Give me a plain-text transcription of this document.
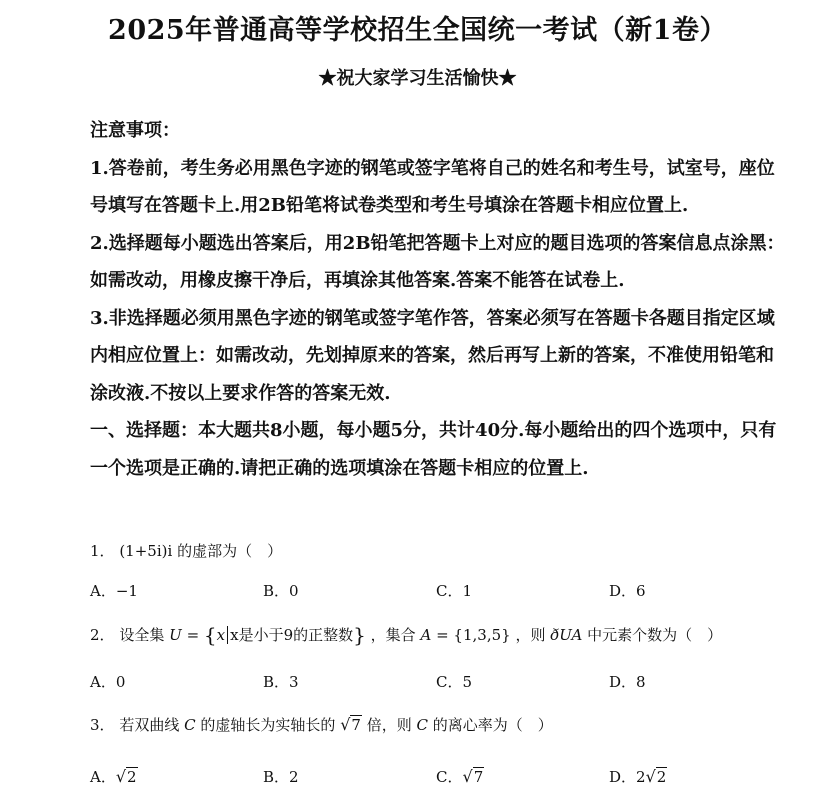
2025年普通高等学校招生全国统一考试（新1卷）
★祝大家学习生活愉快★

注意事项：

1.答卷前，考生务必用黑色字迹的钢笔或签字笔将自己的姓名和考生号，试室号，座位号填写在答题卡上.用2B铅笔将试卷类型和考生号填涂在答题卡相应位置上.

2.选择题每小题选出答案后，用2B铅笔把答题卡上对应的题目选项的答案信息点涂黑：如需改动，用橡皮擦干净后，再填涂其他答案.答案不能答在试卷上.

3.非选择题必须用黑色字迹的钢笔或签字笔作答，答案必须写在答题卡各题目指定区域内相应位置上：如需改动，先划掉原来的答案，然后再写上新的答案，不准使用铅笔和涂改液.不按以上要求作答的答案无效.

一、选择题：本大题共8小题，每小题5分，共计40分.每小题给出的四个选项中，只有一个选项是正确的.请把正确的选项填涂在答题卡相应的位置上.

1． (1+5i)i 的虚部为（　）
A．−1	B．0	C．1	D．6
2． 设全集 U = {x x是小于9的正整数} ，集合 A = {1,3,5} ，则 ðUA 中元素个数为（　）
A．0	B．3	C．5	D．8
3． 若双曲线 C 的虚轴长为实轴长的 √7 倍，则 C 的离心率为（　）
A．√2	B．2	C．√7	D．2√2
